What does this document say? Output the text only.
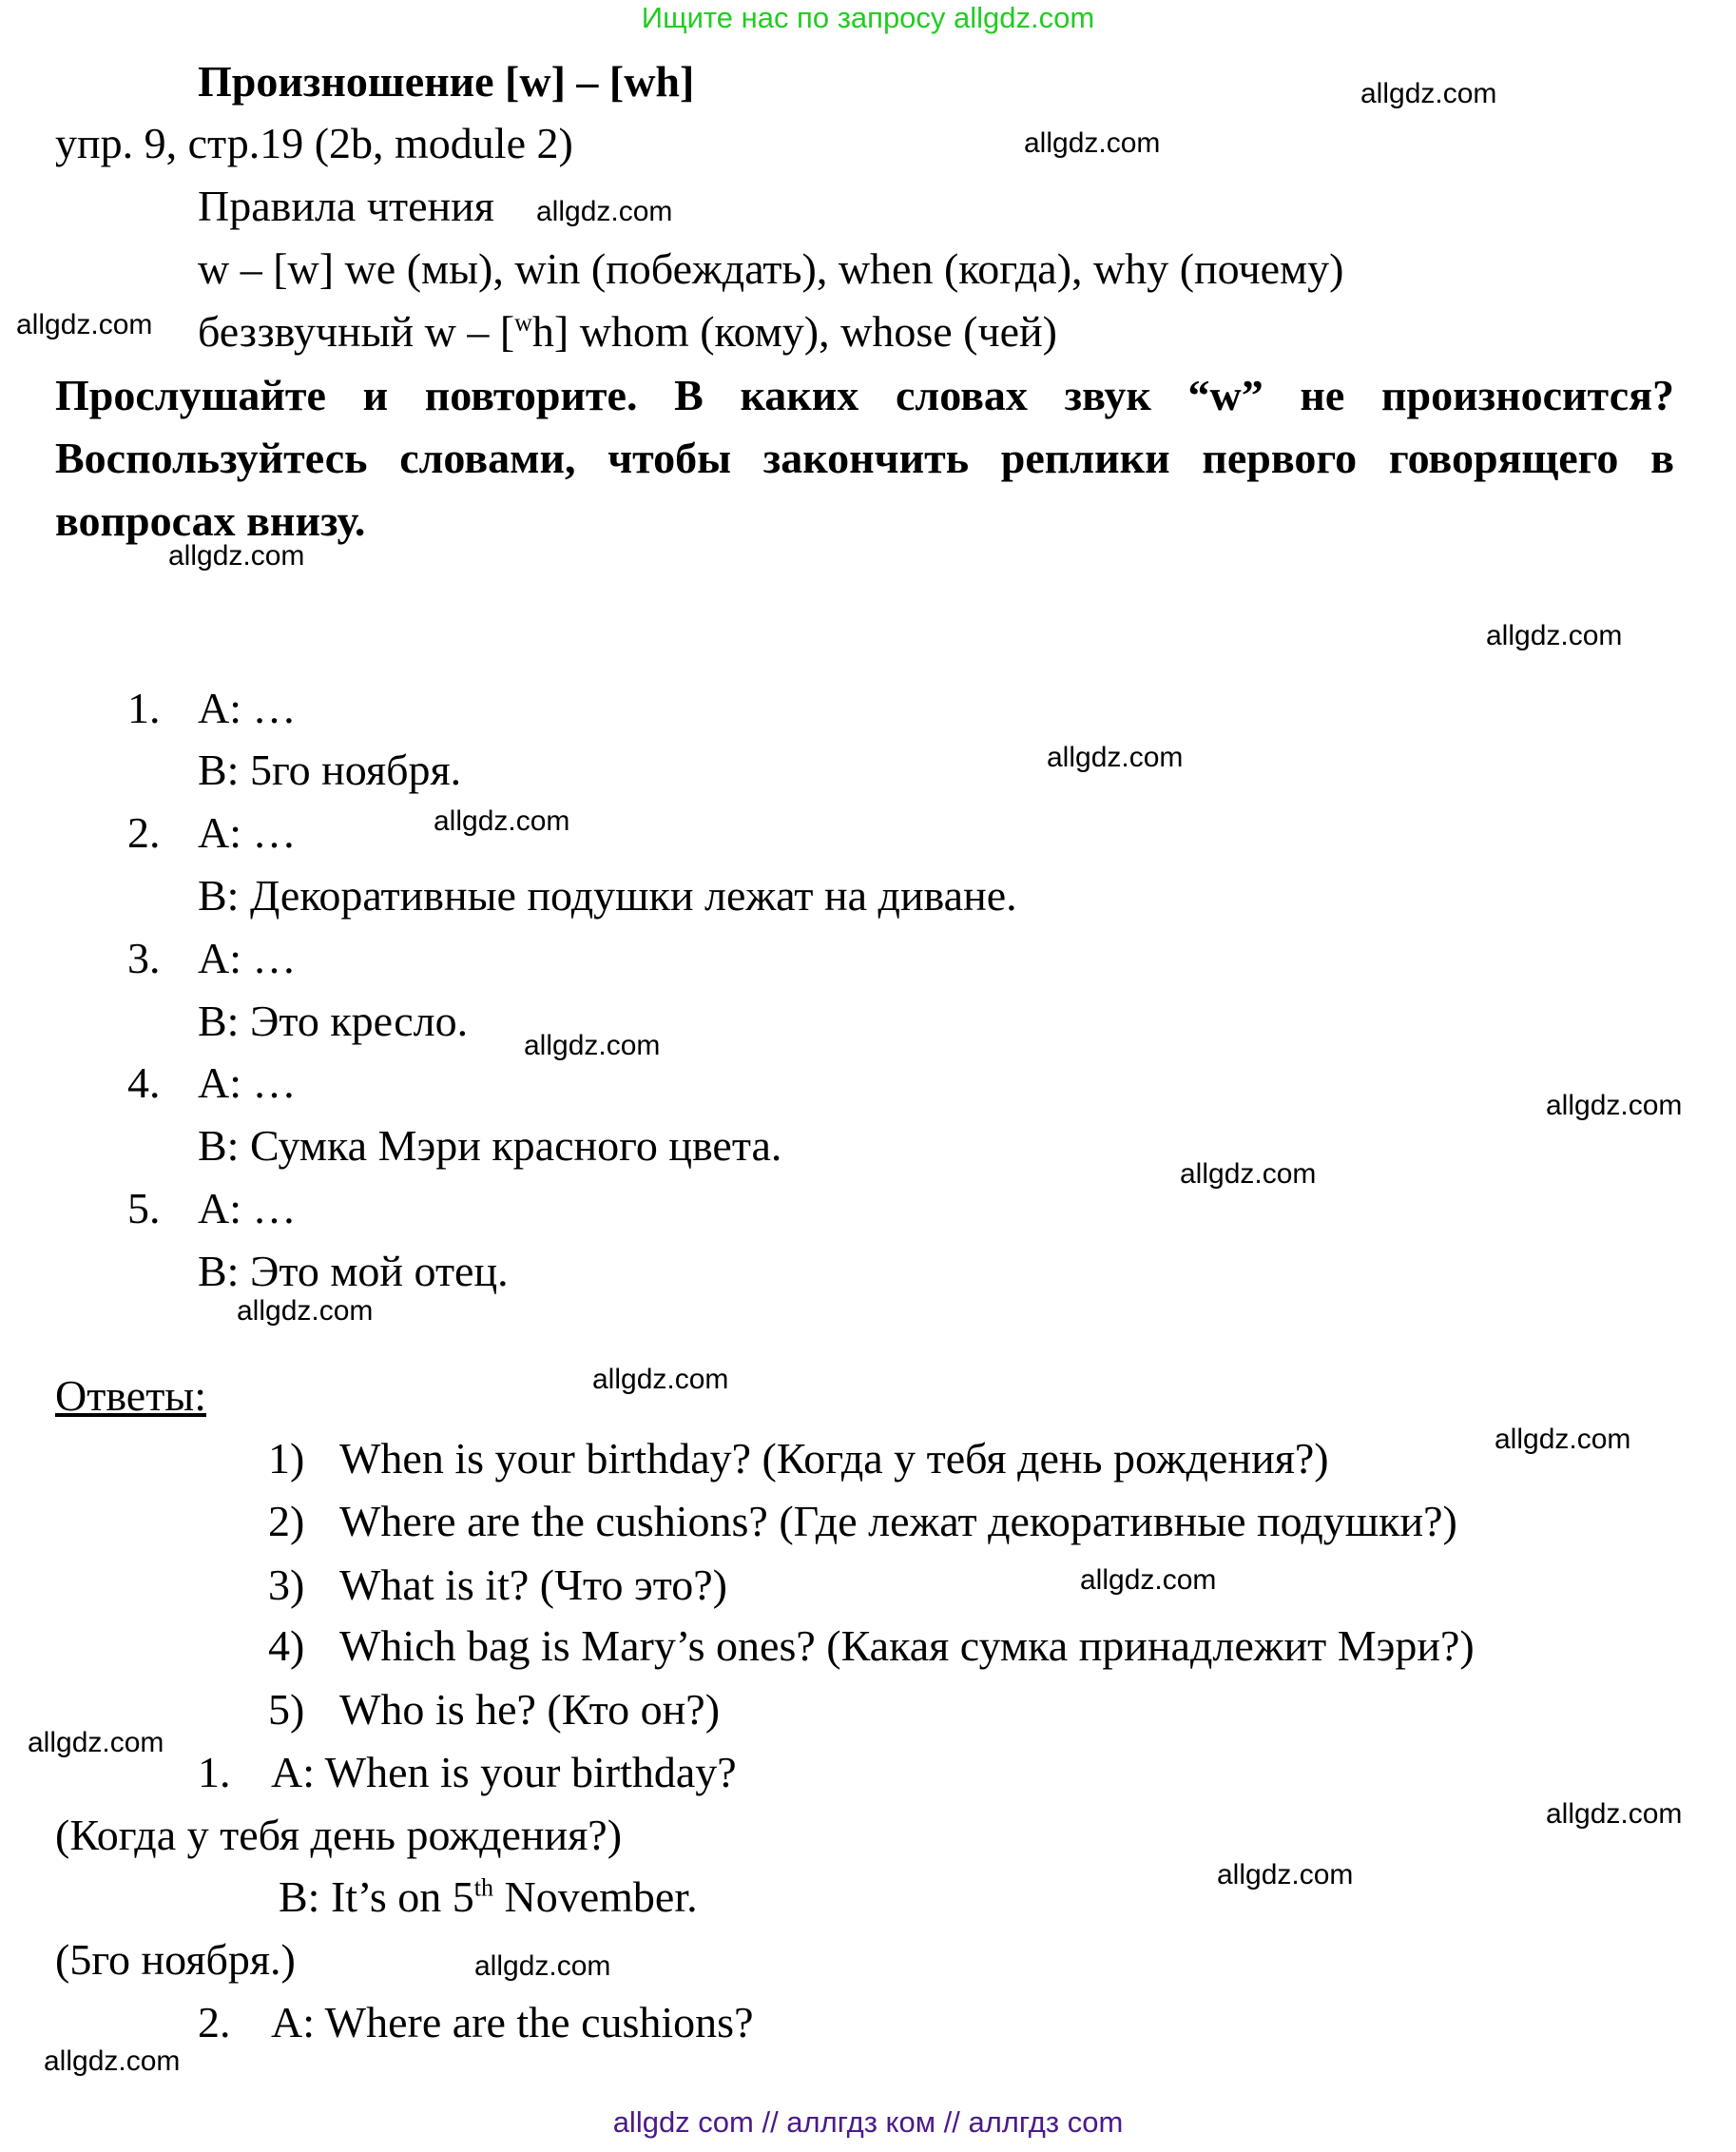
Ищите нас по запросу allgdz.com
Произношение [w] – [wh]
упр. 9, стр.19 (2b, module 2)
Правила чтения
w – [w] we (мы), win (побеждать), when (когда), why (почему)
беззвучный w – [$^w$h] whom (кому), whose (чей)
Прослушайте и повторите. В каких словах звук “w” не произносится?
Воспользуйтесь словами, чтобы закончить реплики первого говорящего в
вопросах внизу.
1. A: …
B: 5го ноября.
2. A: …
B: Декоративные подушки лежат на диване.
3. A: …
B: Это кресло.
4. A: …
B: Сумка Мэри красного цвета.
5. A: …
B: Это мой отец.
Ответы:
1) When is your birthday? (Когда у тебя день рождения?)
2) Where are the cushions? (Где лежат декоративные подушки?)
3) What is it? (Что это?)
4) Which bag is Mary’s ones? (Какая сумка принадлежит Мэри?)
5) Who is he? (Кто он?)
1. A: When is your birthday?
(Когда у тебя день рождения?)
B: It’s on 5th November.
(5го ноября.)
2. A: Where are the cushions?
allgdz.com
allgdz.com
allgdz.com
allgdz.com
allgdz.com
allgdz.com
allgdz.com
allgdz.com
allgdz.com
allgdz.com
allgdz.com
allgdz.com
allgdz.com
allgdz.com
allgdz.com
allgdz.com
allgdz.com
allgdz.com
allgdz.com
allgdz.com
allgdz com // аллгдз ком // аллгдз com
